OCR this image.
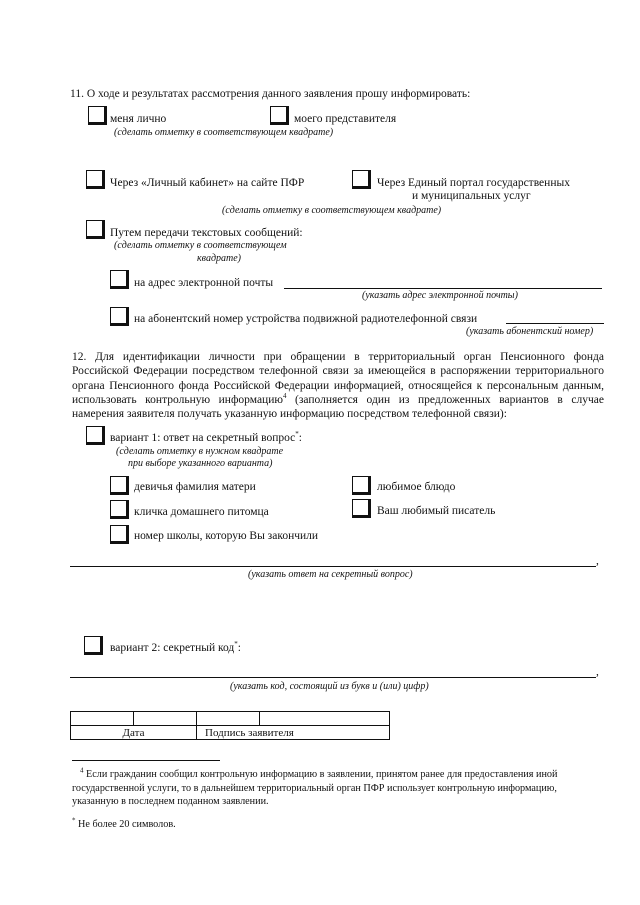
11. О ходе и результатах рассмотрения данного заявления прошу информировать:
меня лично	моего представителя
(сделать отметку в соответствующем квадрате)
Через «Личный кабинет» на сайте ПФР	Через Единый портал государственных
и муниципальных услуг
(сделать отметку в соответствующем квадрате)
Путем передачи текстовых сообщений:
(сделать отметку в соответствующем
квадрате)
на адрес электронной почты
(указать адрес электронной почты)
на абонентский номер устройства подвижной радиотелефонной связи
(указать абонентский номер)
12. Для идентификации личности при обращении в территориальный орган Пенсионного фонда Российской Федерации посредством телефонной связи за имеющейся в распоряжении территориального органа Пенсионного фонда Российской Федерации информацией, относящейся к персональным данным, использовать контрольную информацию$^4$ (заполняется один из предложенных вариантов в случае намерения заявителя получать указанную информацию посредством телефонной связи):
вариант 1: ответ на секретный вопрос*:
(сделать отметку в нужном квадрате
при выборе указанного варианта)
девичья фамилия матери	любимое блюдо
кличка домашнего питомца	Ваш любимый писатель
номер школы, которую Вы закончили
,
(указать ответ на секретный вопрос)
вариант 2: секретный код*:
,
(указать код, состоящий из букв и (или) цифр)

Дата		Подпись заявителя	
$^4$ Если гражданин сообщил контрольную информацию в заявлении, принятом ранее для предоставления иной государственной услуги, то в дальнейшем территориальный орган ПФР использует контрольную информацию, указанную в последнем поданном заявлении.
* Не более 20 символов.
